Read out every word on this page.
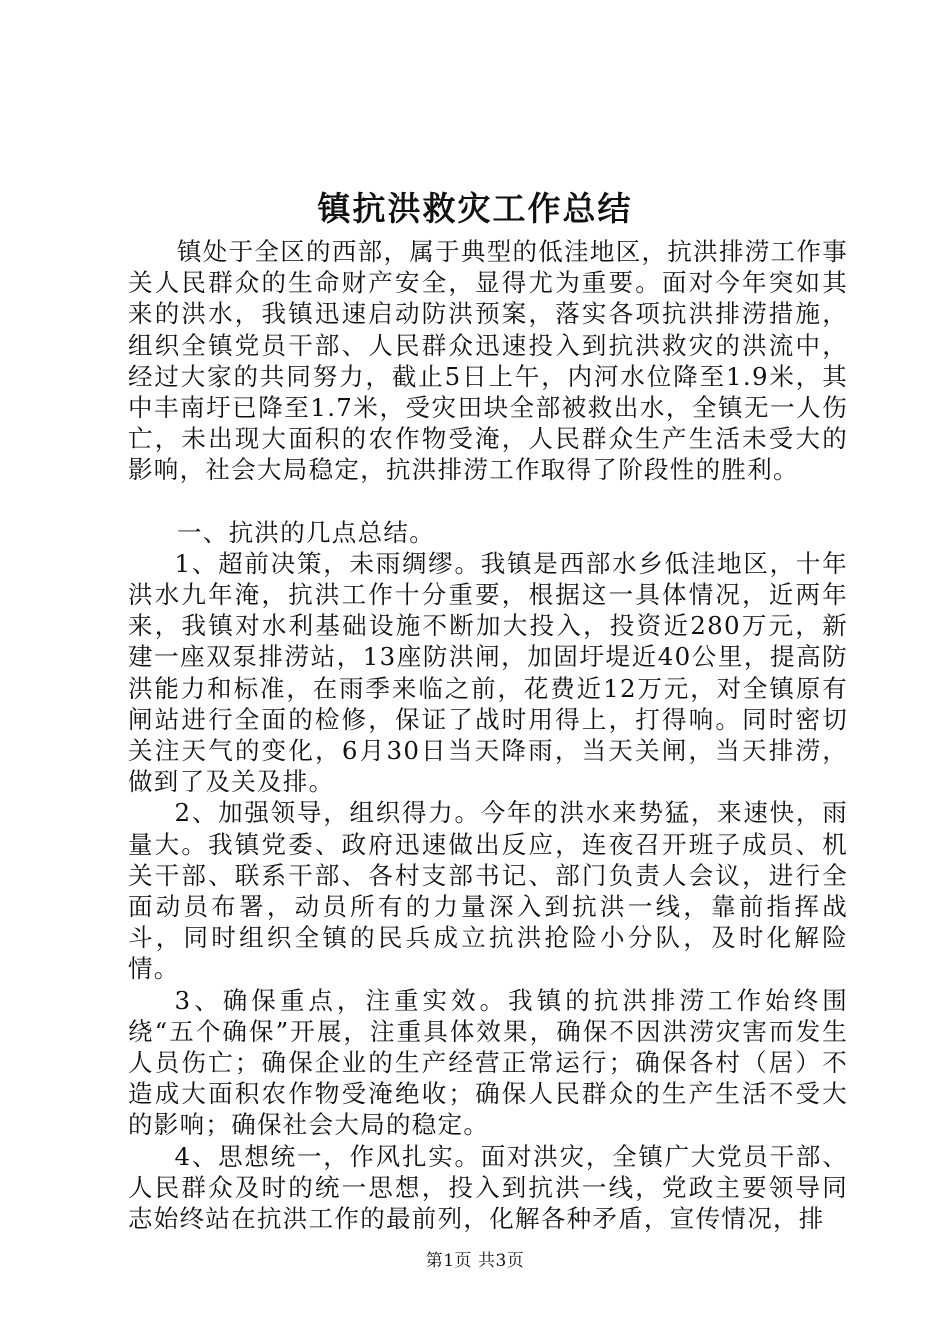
镇抗洪救灾工作总结

镇处于全区的西部，属于典型的低洼地区，抗洪排涝工作事关人民群众的生命财产安全，显得尤为重要。面对今年突如其来的洪水，我镇迅速启动防洪预案，落实各项抗洪排涝措施，组织全镇党员干部、人民群众迅速投入到抗洪救灾的洪流中，经过大家的共同努力，截止5日上午，内河水位降至1.9米，其中丰南圩已降至1.7米，受灾田块全部被救出水，全镇无一人伤亡，未出现大面积的农作物受淹，人民群众生产生活未受大的影响，社会大局稳定，抗洪排涝工作取得了阶段性的胜利。

一、抗洪的几点总结。

1、超前决策，未雨绸缪。我镇是西部水乡低洼地区，十年洪水九年淹，抗洪工作十分重要，根据这一具体情况，近两年来，我镇对水利基础设施不断加大投入，投资近280万元，新建一座双泵排涝站，13座防洪闸，加固圩堤近40公里，提高防洪能力和标准，在雨季来临之前，花费近12万元，对全镇原有闸站进行全面的检修，保证了战时用得上，打得响。同时密切关注天气的变化，6月30日当天降雨，当天关闸，当天排涝，做到了及关及排。

2、加强领导，组织得力。今年的洪水来势猛，来速快，雨量大。我镇党委、政府迅速做出反应，连夜召开班子成员、机关干部、联系干部、各村支部书记、部门负责人会议，进行全面动员布署，动员所有的力量深入到抗洪一线，靠前指挥战斗，同时组织全镇的民兵成立抗洪抢险小分队，及时化解险情。

3、确保重点，注重实效。我镇的抗洪排涝工作始终围绕“五个确保”开展，注重具体效果，确保不因洪涝灾害而发生人员伤亡；确保企业的生产经营正常运行；确保各村（居）不造成大面积农作物受淹绝收；确保人民群众的生产生活不受大的影响；确保社会大局的稳定。

4、思想统一，作风扎实。面对洪灾，全镇广大党员干部、人民群众及时的统一思想，投入到抗洪一线，党政主要领导同志始终站在抗洪工作的最前列，化解各种矛盾，宣传情况，排

第1页 共3页
